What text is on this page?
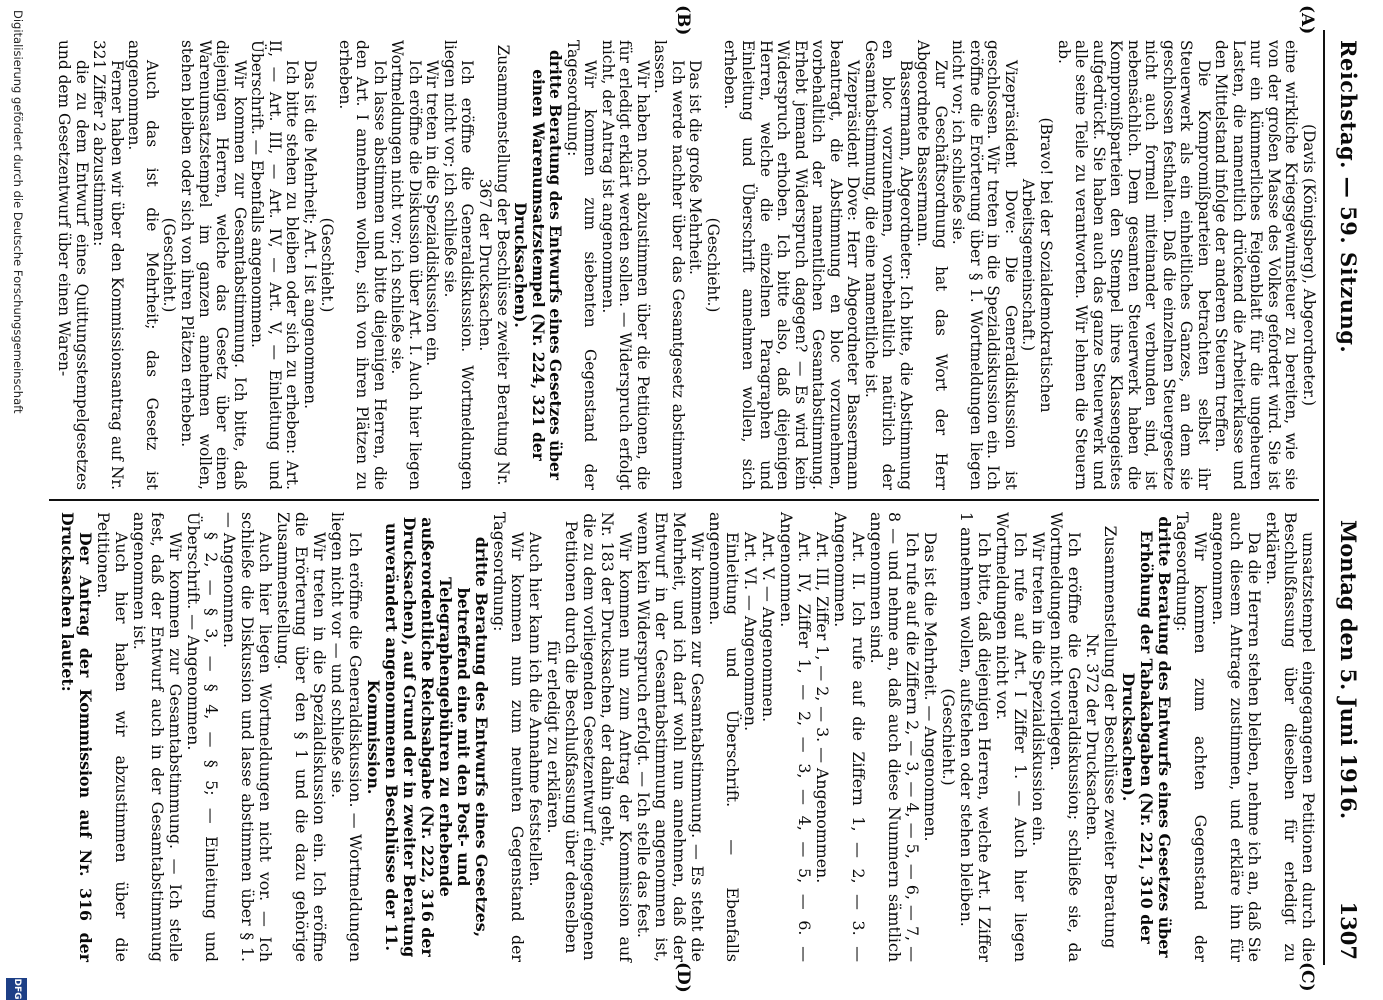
Reichstag. — 59. Sitzung.
Montag den 5. Juni 1916.
1307
(A)
(B)
(C)
(D)

(Davis (Königsberg), Abgeordneter.)

eine wirkliche Kriegsgewinnsteuer zu bereiten, wie sie von der großen Masse des Volkes gefordert wird. Sie ist nur ein kümmerliches Feigenblatt für die ungeheuren Lasten, die namentlich drückend die Arbeiterklasse und den Mittelstand infolge der anderen Steuern treffen.

Die Kompromißparteien betrachten selbst ihr Steuerwerk als ein einheitliches Ganzes, an dem sie geschlossen festhalten. Daß die einzelnen Steuergesetze nicht auch formell miteinander verbunden sind, ist nebensächlich. Dem gesamten Steuerwerk haben die Kompromißparteien den Stempel ihres Klassengeistes aufgedrückt. Sie haben auch das ganze Steuerwerk und alle seine Teile zu verantworten. Wir lehnen die Steuern ab.

(Bravo! bei der Sozialdemokratischen Arbeitsgemeinschaft.)

Vizepräsident Dove: Die Generaldiskussion ist geschlossen. Wir treten in die Spezialdiskussion ein. Ich eröffne die Erörterung über § 1. Wortmeldungen liegen nicht vor; ich schließe sie.

Zur Geschäftsordnung hat das Wort der Herr Abgeordnete Bassermann.

Bassermann, Abgeordneter: Ich bitte, die Abstimmung en bloc vorzunehmen, vorbehaltlich natürlich der Gesamtabstimmung, die eine namentliche ist.

Vizepräsident Dove: Herr Abgeordneter Bassermann beantragt, die Abstimmung en bloc vorzunehmen, vorbehaltlich der namentlichen Gesamtabstimmung. Erhebt jemand Widerspruch dagegen? — Es wird kein Widerspruch erhoben. Ich bitte also, daß diejenigen Herren, welche die einzelnen Paragraphen und Einleitung und Überschrift annehmen wollen, sich erheben.

(Geschieht.)

Das ist die große Mehrheit.

Ich werde nachher über das Gesamtgesetz abstimmen lassen.

Wir haben noch abzustimmen über die Petitionen, die für erledigt erklärt werden sollen. — Widerspruch erfolgt nicht, der Antrag ist angenommen.

Wir kommen zum siebenten Gegenstand der Tagesordnung:

dritte Beratung des Entwurfs eines Gesetzes über einen Warenumsatzstempel (Nr. 224, 321 der Drucksachen).

Zusammenstellung der Beschlüsse zweiter Beratung Nr. 367 der Drucksachen.

Ich eröffne die Generaldiskussion. Wortmeldungen liegen nicht vor; ich schließe sie.

Wir treten in die Spezialdiskussion ein.

Ich eröffne die Diskussion über Art. I. Auch hier liegen Wortmeldungen nicht vor; ich schließe sie.

Ich lasse abstimmen und bitte diejenigen Herren, die den Art. I annehmen wollen, sich von ihren Plätzen zu erheben.

(Geschieht.)

Das ist die Mehrheit; Art. I ist angenommen.

Ich bitte stehen zu bleiben oder sich zu erheben: Art. II, — Art. III, — Art. IV, — Art. V, — Einleitung und Überschrift. — Ebenfalls angenommen.

Wir kommen zur Gesamtabstimmung. Ich bitte, daß diejenigen Herren, welche das Gesetz über einen Warenumsatzstempel im ganzen annehmen wollen, stehen bleiben oder sich von ihren Plätzen erheben.

(Geschieht.)

Auch das ist die Mehrheit; das Gesetz ist angenommen.

Ferner haben wir über den Kommissionsantrag auf Nr. 321 Ziffer 2 abzustimmen:

die zu dem Entwurf eines Quittungsstempelgesetzes und dem Gesetzentwurf über einen Waren-

umsatzstempel eingegangenen Petitionen durch die Beschlußfassung über dieselben für erledigt zu erklären.

Da die Herren stehen bleiben, nehme ich an, daß Sie auch diesem Antrage zustimmen, und erkläre ihn für angenommen.

Wir kommen zum achten Gegenstand der Tagesordnung:

dritte Beratung des Entwurfs eines Gesetzes über Erhöhung der Tabakabgaben (Nr. 221, 310 der Drucksachen).

Zusammenstellung der Beschlüsse zweiter Beratung Nr. 372 der Drucksachen.

Ich eröffne die Generaldiskussion; schließe sie, da Wortmeldungen nicht vorliegen.

Wir treten in die Spezialdiskussion ein.

Ich rufe auf Art. I Ziffer 1. — Auch hier liegen Wortmeldungen nicht vor.

Ich bitte, daß diejenigen Herren, welche Art. I Ziffer 1 annehmen wollen, aufstehen oder stehen bleiben.

(Geschieht.)

Das ist die Mehrheit. — Angenommen.

Ich rufe auf die Ziffern 2, — 3, — 4, — 5, — 6, — 7, — 8 — und nehme an, daß auch diese Nummern sämtlich angenommen sind.

Art. II. Ich rufe auf die Ziffern 1, — 2, — 3. — Angenommen.

Art. III, Ziffer 1, — 2, — 3. — Angenommen.

Art. IV, Ziffer 1, — 2, — 3, — 4, — 5, — 6. — Angenommen.

Art. V. — Angenommen.

Art. VI. — Angenommen.

Einleitung und Überschrift. — Ebenfalls angenommen.

Wir kommen zur Gesamtabstimmung. — Es steht die Mehrheit, und ich darf wohl nun annehmen, daß der Entwurf in der Gesamtabstimmung angenommen ist, wenn kein Widerspruch erfolgt. — Ich stelle das fest.

Wir kommen nun zum Antrag der Kommission auf Nr. 183 der Drucksachen, der dahin geht,

die zu dem vorliegenden Gesetzentwurf eingegangenen Petitionen durch die Beschlußfassung über denselben für erledigt zu erklären.

Auch hier kann ich die Annahme feststellen.

Wir kommen nun zum neunten Gegenstand der Tagesordnung:

dritte Beratung des Entwurfs eines Gesetzes, betreffend eine mit den Post- und Telegraphengebühren zu erhebende außerordentliche Reichsabgabe (Nr. 222, 316 der Drucksachen), auf Grund der in zweiter Beratung unverändert angenommenen Beschlüsse der 11. Kommission.

Ich eröffne die Generaldiskussion. — Wortmeldungen liegen nicht vor — und schließe sie.

Wir treten in die Spezialdiskussion ein. Ich eröffne die Erörterung über den § 1 und die dazu gehörige Zusammenstellung.

Auch hier liegen Wortmeldungen nicht vor. — Ich schließe die Diskussion und lasse abstimmen über § 1. — Angenommen.

§ 2, — § 3, — § 4, — § 5; — Einleitung und Überschrift. — Angenommen.

Wir kommen zur Gesamtabstimmung. — Ich stelle fest, daß der Entwurf auch in der Gesamtabstimmung angenommen ist.

Auch hier haben wir abzustimmen über die Petitionen.

Der Antrag der Kommission auf Nr. 316 der Drucksachen lautet:

Digitalisierung gefördert durch die Deutsche Forschungsgemeinschaft
DFG
